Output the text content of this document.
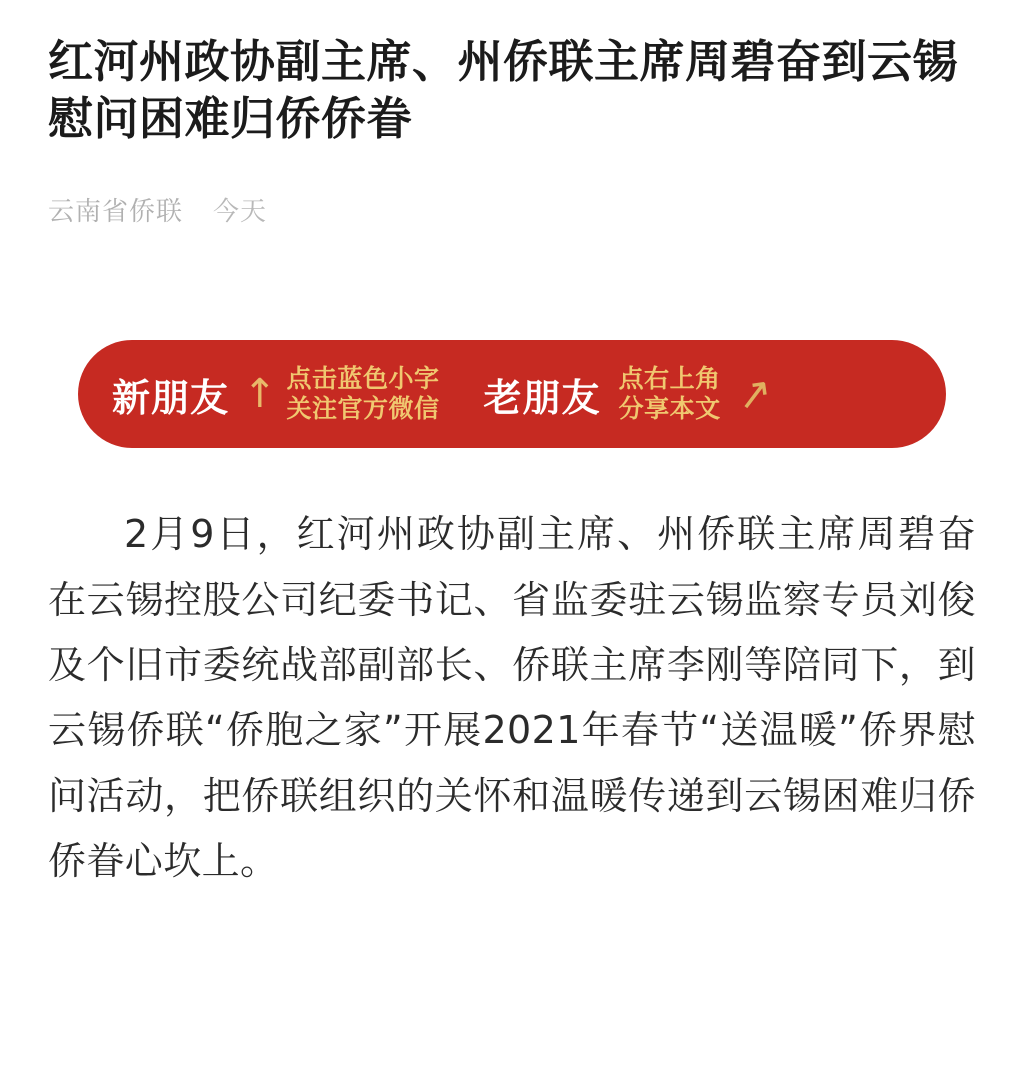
红河州政协副主席、州侨联主席周碧奋到云锡慰问困难归侨侨眷
云南省侨联 今天
新朋友 ↑ 点击蓝色小字
关注官方微信 老朋友 点右上角
分享本文 ↗

2月9日，红河州政协副主席、州侨联主席周碧奋在云锡控股公司纪委书记、省监委驻云锡监察专员刘俊及个旧市委统战部副部长、侨联主席李刚等陪同下，到云锡侨联“侨胞之家”开展2021年春节“送温暖”侨界慰问活动，把侨联组织的关怀和温暖传递到云锡困难归侨侨眷心坎上。
